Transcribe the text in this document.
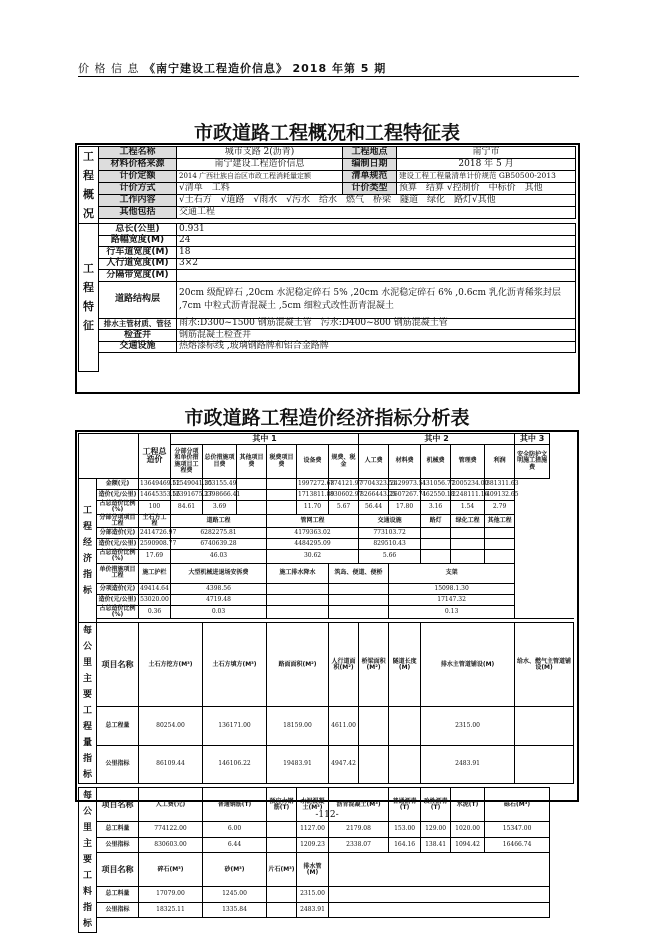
价 格 信 息 《南宁建设工程造价信息》 2018 年第 5 期
市政道路工程概况和工程特征表
工程概况	工程名称	城市支路 2(沥青)	工程地点	南宁市
	材料价格来源	南宁建设工程造价信息	编制日期	2018 年 5 月
	计价定额	2014 广西壮族自治区市政工程消耗量定额	清单规范	建设工程工程量清单计价规范 GB50500-2013
	计价方式	√清单　工料	计价类型	预算　结算 √控制价　中标价　其他
	工作内容	√土石方　√道路　√雨水　√污水　给水　燃气　桥梁　隧道　绿化　路灯√其他		
	其他包括	交通工程		

工程特征	总长(公里)	0.931		
	路幅宽度(M)	24		
	行车道宽度(M)	18		
	人行道宽度(M)	3×2		
	分隔带宽度(M)			
	道路结构层	20cm 级配碎石 ,20cm 水泥稳定碎石 5% ,20cm 水泥稳定碎石 6% ,0.6cm 乳化沥青稀浆封层 ,7cm 中粒式沥青混凝土 ,5cm 细粒式改性沥青混凝土		
	排水主管材质、管径	雨水:D300~1500 钢筋混凝土管　污水:D400~800 钢筋混凝土管		
	检查井	钢筋混凝土检查井		
	交通设施	热熔漆标线 ,玻璃钢路牌和铝合金路牌		

市政道路工程造价经济指标分析表
		工程总造价	其中 1						其中 2					其中 3
			分部分项和单价措施项目工程费	总价措施项目费	其他项目费	税费项目费	设备费	规费、税金	人工费	材料费	机械费	管理费	利润	安全防护文明施工措施费
工程经济指标	金额(元)	13649469.52	11549041.35	103155.49			1997272.68	774121.97	7704323.51	2429973.51	431056.77	2005234.00	381311.63	
	造价(元/公里)	14645353.56	12391675.27	3398666.41			1713811.89	830602.97	8266443.25	2607267.71	462550.18	2248111.16	409132.65	
	占总造价比例(%)	100	84.61	3.69			11.70	5.67	56.44	17.80	3.16	1.54	2.79	
	分部分项项目工程	土石方工程	道路工程			管网工程			交通设施		路灯	绿化工程	其他工程	
	分部造价(元)	2414726.97	6282275.81			4179363.02			773103.72					
	造价(元/公里)	2590908.77	6740639.28			4484295.09			829510.43					
	占总造价比例(%)	17.69	46.03			30.62			5.66					
	单价措施项目工程	施工护栏	大型机械进退场安拆费			施工排水降水		筑岛、便道、便桥		支架				
	分项造价(元)	49414.64	4398.56							15098.1.30				
	造价(元/公里)	53020.00	4719.48							17147.32				
	占总造价比例(%)	0.36	0.03							0.13				

每公里主要工程量指标	项目名称	土石方挖方(M³)		土石方填方(M³)		路面面积(M²)		人行道面积(M²)	桥梁面积(M²)	隧道长度(M)	排水主管道铺设(M)			给水、燃气主管道铺设(M)
	总工程量	80254.00		136171.00		18159.00		4611.00			2315.00			
	公里指标	86109.44		146106.22		19483.91		4947.42			2483.91			

每公里主要工料指标	项目名称	人工费(元)		普通钢筋(T)		预应力钢筋(T)	水泥混凝土(M³)	沥青混凝土(M³)		普通沥青(T)	改性沥青(T)	水泥(T)	砾石(M³)	
	总工料量	774122.00		6.00			1127.00	2179.08		153.00	129.00	1020.00	15347.00	
	公里指标	830603.00		6.44			1209.23	2338.07		164.16	138.41	1094.42	16466.74	
	项目名称	碎石(M³)		砂(M³)		片石(M³)	排水管(M)							
	总工料量	17079.00		1245.00			2315.00							
	公里指标	18325.11		1335.84			2483.91							

-112-
